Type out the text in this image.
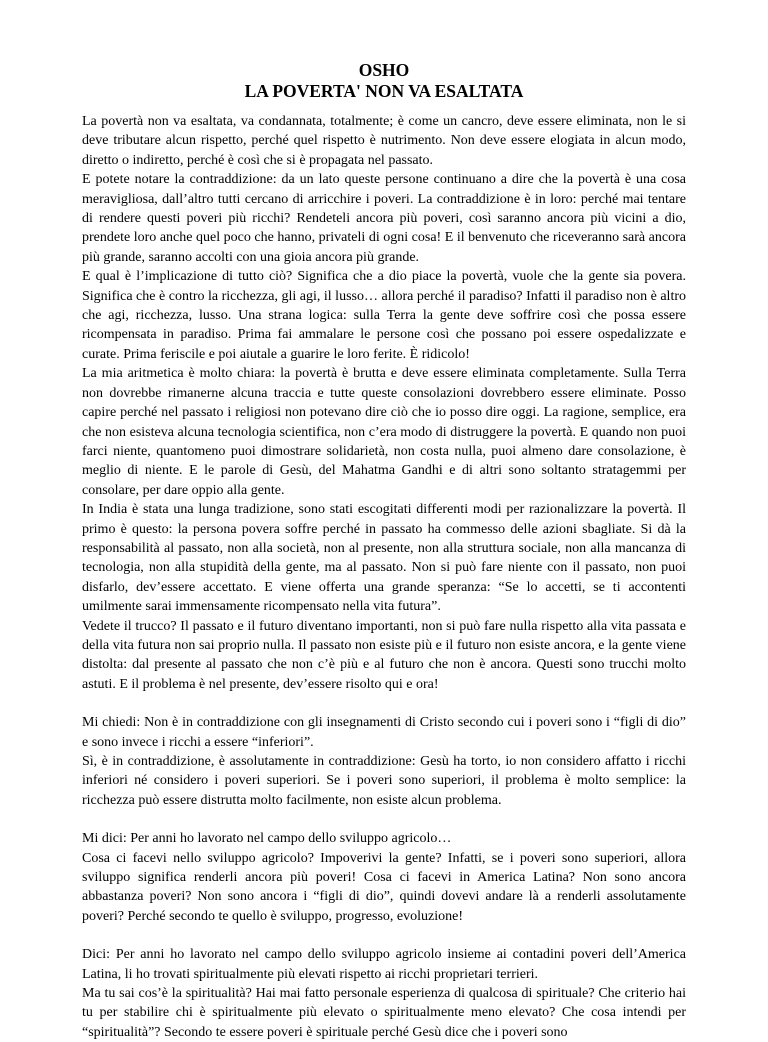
OSHO
LA POVERTA' NON VA ESALTATA

La povertà non va esaltata, va condannata, totalmente; è come un cancro, deve essere eliminata, non le si deve tributare alcun rispetto, perché quel rispetto è nutrimento. Non deve essere elogiata in alcun modo, diretto o indiretto, perché è così che si è propagata nel passato.

E potete notare la contraddizione: da un lato queste persone continuano a dire che la povertà è una cosa meravigliosa, dall’altro tutti cercano di arricchire i poveri. La contraddizione è in loro: perché mai tentare di rendere questi poveri più ricchi? Rendeteli ancora più poveri, così saranno ancora più vicini a dio, prendete loro anche quel poco che hanno, privateli di ogni cosa! E il benvenuto che riceveranno sarà ancora più grande, saranno accolti con una gioia ancora più grande.

E qual è l’implicazione di tutto ciò? Significa che a dio piace la povertà, vuole che la gente sia povera. Significa che è contro la ricchezza, gli agi, il lusso… allora perché il paradiso? Infatti il paradiso non è altro che agi, ricchezza, lusso. Una strana logica: sulla Terra la gente deve soffrire così che possa essere ricompensata in paradiso. Prima fai ammalare le persone così che possano poi essere ospedalizzate e curate. Prima feriscile e poi aiutale a guarire le loro ferite. È ridicolo!

La mia aritmetica è molto chiara: la povertà è brutta e deve essere eliminata completamente. Sulla Terra non dovrebbe rimanerne alcuna traccia e tutte queste consolazioni dovrebbero essere eliminate. Posso capire perché nel passato i religiosi non potevano dire ciò che io posso dire oggi. La ragione, semplice, era che non esisteva alcuna tecnologia scientifica, non c’era modo di distruggere la povertà. E quando non puoi farci niente, quantomeno puoi dimostrare solidarietà, non costa nulla, puoi almeno dare consolazione, è meglio di niente. E le parole di Gesù, del Mahatma Gandhi e di altri sono soltanto stratagemmi per consolare, per dare oppio alla gente.

In India è stata una lunga tradizione, sono stati escogitati differenti modi per razionalizzare la povertà. Il primo è questo: la persona povera soffre perché in passato ha commesso delle azioni sbagliate. Si dà la responsabilità al passato, non alla società, non al presente, non alla struttura sociale, non alla mancanza di tecnologia, non alla stupidità della gente, ma al passato. Non si può fare niente con il passato, non puoi disfarlo, dev’essere accettato. E viene offerta una grande speranza: “Se lo accetti, se ti accontenti umilmente sarai immensamente ricompensato nella vita futura”.

Vedete il trucco? Il passato e il futuro diventano importanti, non si può fare nulla rispetto alla vita passata e della vita futura non sai proprio nulla. Il passato non esiste più e il futuro non esiste ancora, e la gente viene distolta: dal presente al passato che non c’è più e al futuro che non è ancora. Questi sono trucchi molto astuti. E il problema è nel presente, dev’essere risolto qui e ora!

Mi chiedi: Non è in contraddizione con gli insegnamenti di Cristo secondo cui i poveri sono i “figli di dio” e sono invece i ricchi a essere “inferiori”.

Sì, è in contraddizione, è assolutamente in contraddizione: Gesù ha torto, io non considero affatto i ricchi inferiori né considero i poveri superiori. Se i poveri sono superiori, il problema è molto semplice: la ricchezza può essere distrutta molto facilmente, non esiste alcun problema.

Mi dici: Per anni ho lavorato nel campo dello sviluppo agricolo…

Cosa ci facevi nello sviluppo agricolo? Impoverivi la gente? Infatti, se i poveri sono superiori, allora sviluppo significa renderli ancora più poveri! Cosa ci facevi in America Latina? Non sono ancora abbastanza poveri? Non sono ancora i “figli di dio”, quindi dovevi andare là a renderli assolutamente poveri? Perché secondo te quello è sviluppo, progresso, evoluzione!

Dici: Per anni ho lavorato nel campo dello sviluppo agricolo insieme ai contadini poveri dell’America Latina, li ho trovati spiritualmente più elevati rispetto ai ricchi proprietari terrieri.

Ma tu sai cos’è la spiritualità? Hai mai fatto personale esperienza di qualcosa di spirituale? Che criterio hai tu per stabilire chi è spiritualmente più elevato o spiritualmente meno elevato? Che cosa intendi per “spiritualità”? Secondo te essere poveri è spirituale perché Gesù dice che i poveri sono
